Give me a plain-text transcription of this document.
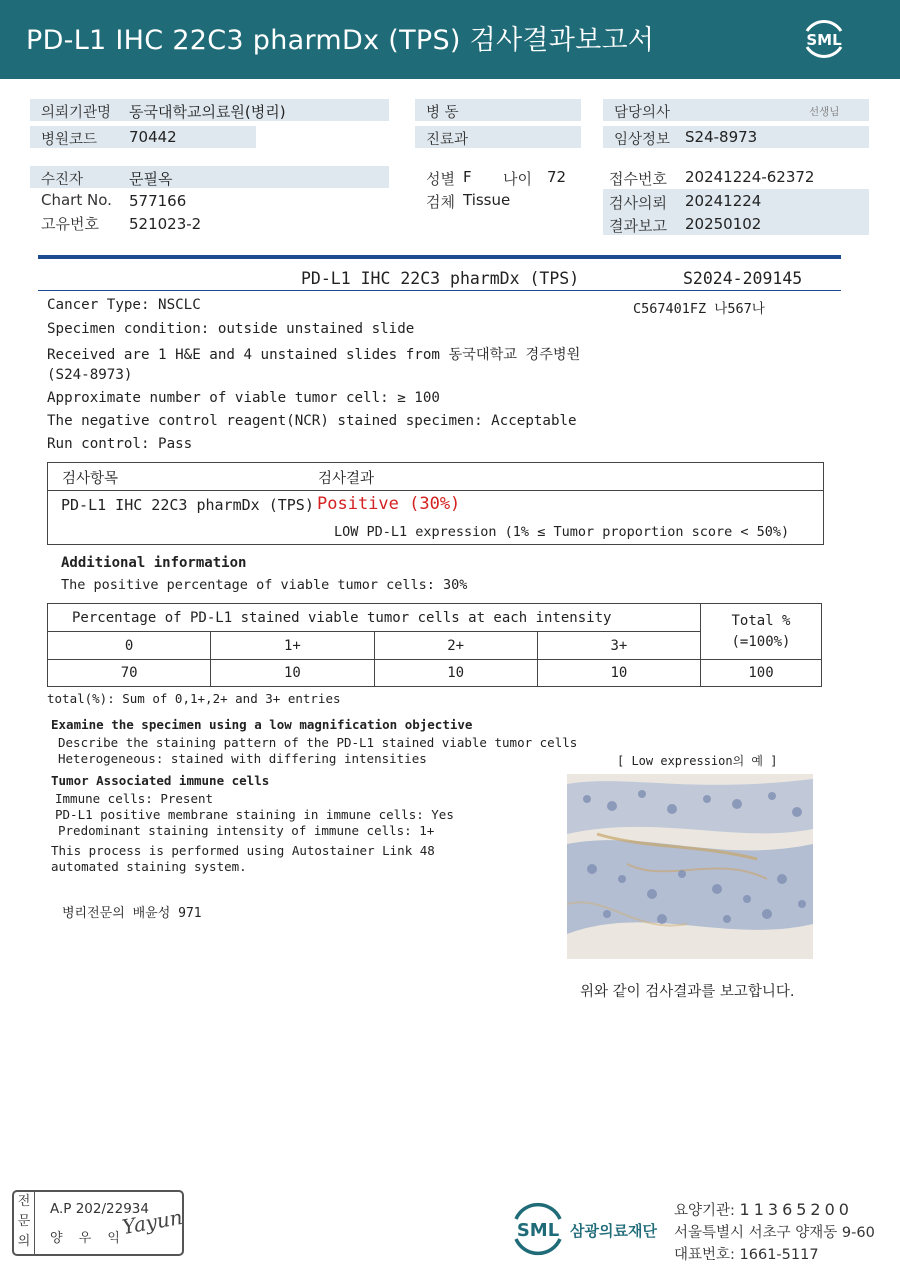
PD-L1 IHC 22C3 pharmDx (TPS) 검사결과보고서	SML
의뢰기관명 동국대학교의료원(병리)
병원코드 70442
병 동
진료과
담당의사	선생님
임상정보 S24-8973
수진자	문필옥
Chart No. 577166
고유번호 521023-2
성별 F 나이 72
검체 Tissue
접수번호 20241224-62372
검사의뢰 20241224
결과보고 20250102
PD-L1 IHC 22C3 pharmDx (TPS)	S2024-209145
C567401FZ 나567나
Cancer Type: NSCLC
Specimen condition: outside unstained slide
Received are 1 H&E and 4 unstained slides from 동국대학교 경주병원
(S24-8973)
Approximate number of viable tumor cell: ≥ 100
The negative control reagent(NCR) stained specimen: Acceptable
Run control: Pass
검사항목	검사결과
PD-L1 IHC 22C3 pharmDx (TPS) Positive (30%)
LOW PD-L1 expression (1% ≤ Tumor proportion score < 50%)
Additional information
The positive percentage of viable tumor cells: 30%
Percentage of PD-L1 stained viable tumor cells at each intensity				Total %
(=100%)

0	1+	2+	3+	
70	10	10	10	100
total(%): Sum of 0,1+,2+ and 3+ entries
Examine the specimen using a low magnification objective
Describe the staining pattern of the PD-L1 stained viable tumor cells
Heterogeneous: stained with differing intensities	[ Low expression의 예 ]
Tumor Associated immune cells
Immune cells: Present
PD-L1 positive membrane staining in immune cells: Yes
Predominant staining intensity of immune cells: 1+
This process is performed using Autostainer Link 48
automated staining system.
병리전문의 배윤성 971
위와 같이 검사결과를 보고합니다.
전
문
의
A.P 202/22934
양 우 익
Yayun	SML 삼광의료재단
요양기관: 11365200
서울특별시 서초구 양재동 9-60
대표번호: 1661-5117
